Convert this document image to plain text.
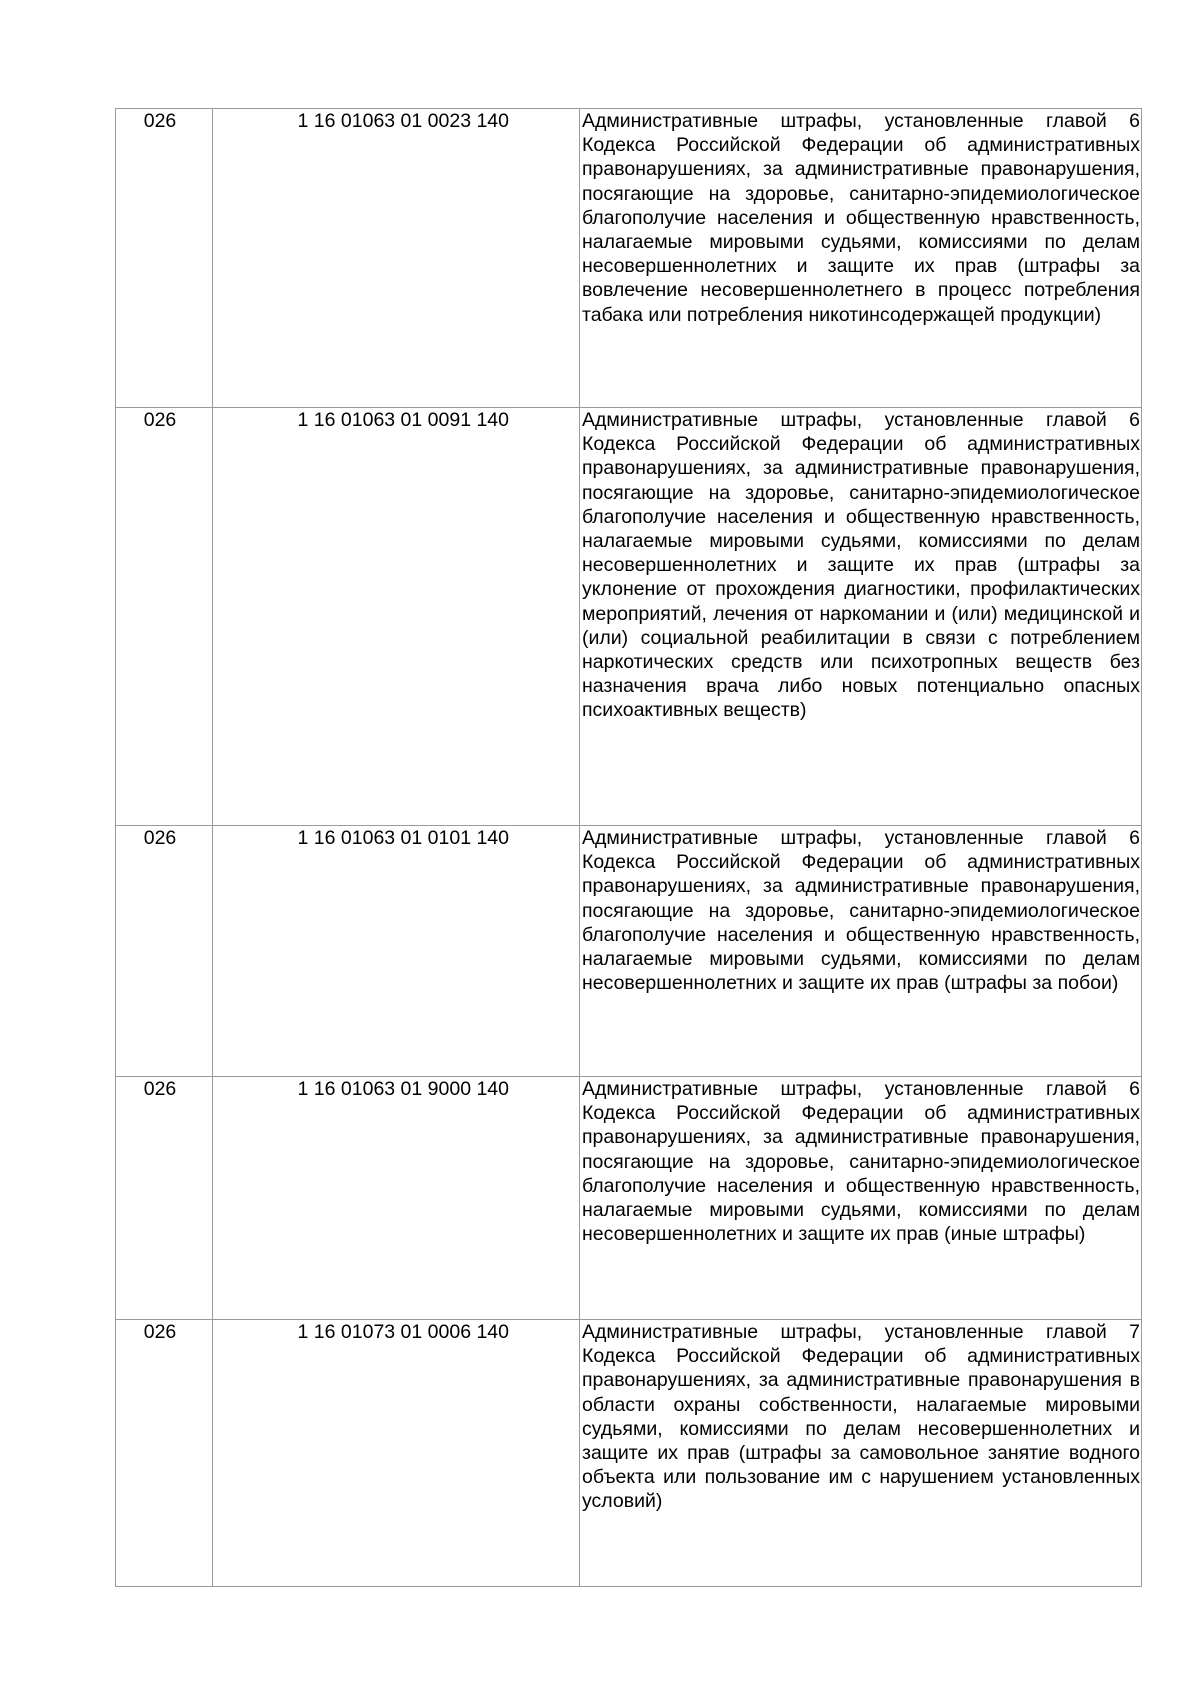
026	1 16 01063 01 0023 140	Административные штрафы, установленные главой 6 Кодекса Российской Федерации об административных правонарушениях, за административные правонарушения, посягающие на здоровье, санитарно-эпидемиологическое благополучие населения и общественную нравственность, налагаемые мировыми судьями, комиссиями по делам несовершеннолетних и защите их прав (штрафы за вовлечение несовершеннолетнего в процесс потребления табака или потребления никотинсодержащей продукции)

026	1 16 01063 01 0091 140	Административные штрафы, установленные главой 6 Кодекса Российской Федерации об административных правонарушениях, за административные правонарушения, посягающие на здоровье, санитарно-эпидемиологическое благополучие населения и общественную нравственность, налагаемые мировыми судьями, комиссиями по делам несовершеннолетних и защите их прав (штрафы за уклонение от прохождения диагностики, профилактических мероприятий, лечения от наркомании и (или) медицинской и (или) социальной реабилитации в связи с потреблением наркотических средств или психотропных веществ без назначения врача либо новых потенциально опасных психоактивных веществ)

026	1 16 01063 01 0101 140	Административные штрафы, установленные главой 6 Кодекса Российской Федерации об административных правонарушениях, за административные правонарушения, посягающие на здоровье, санитарно-эпидемиологическое благополучие населения и общественную нравственность, налагаемые мировыми судьями, комиссиями по делам несовершеннолетних и защите их прав (штрафы за побои)

026	1 16 01063 01 9000 140	Административные штрафы, установленные главой 6 Кодекса Российской Федерации об административных правонарушениях, за административные правонарушения, посягающие на здоровье, санитарно-эпидемиологическое благополучие населения и общественную нравственность, налагаемые мировыми судьями, комиссиями по делам несовершеннолетних и защите их прав (иные штрафы)

026	1 16 01073 01 0006 140	Административные штрафы, установленные главой 7 Кодекса Российской Федерации об административных правонарушениях, за административные правонарушения в области охраны собственности, налагаемые мировыми судьями, комиссиями по делам несовершеннолетних и защите их прав (штрафы за самовольное занятие водного объекта или пользование им с нарушением установленных условий)
